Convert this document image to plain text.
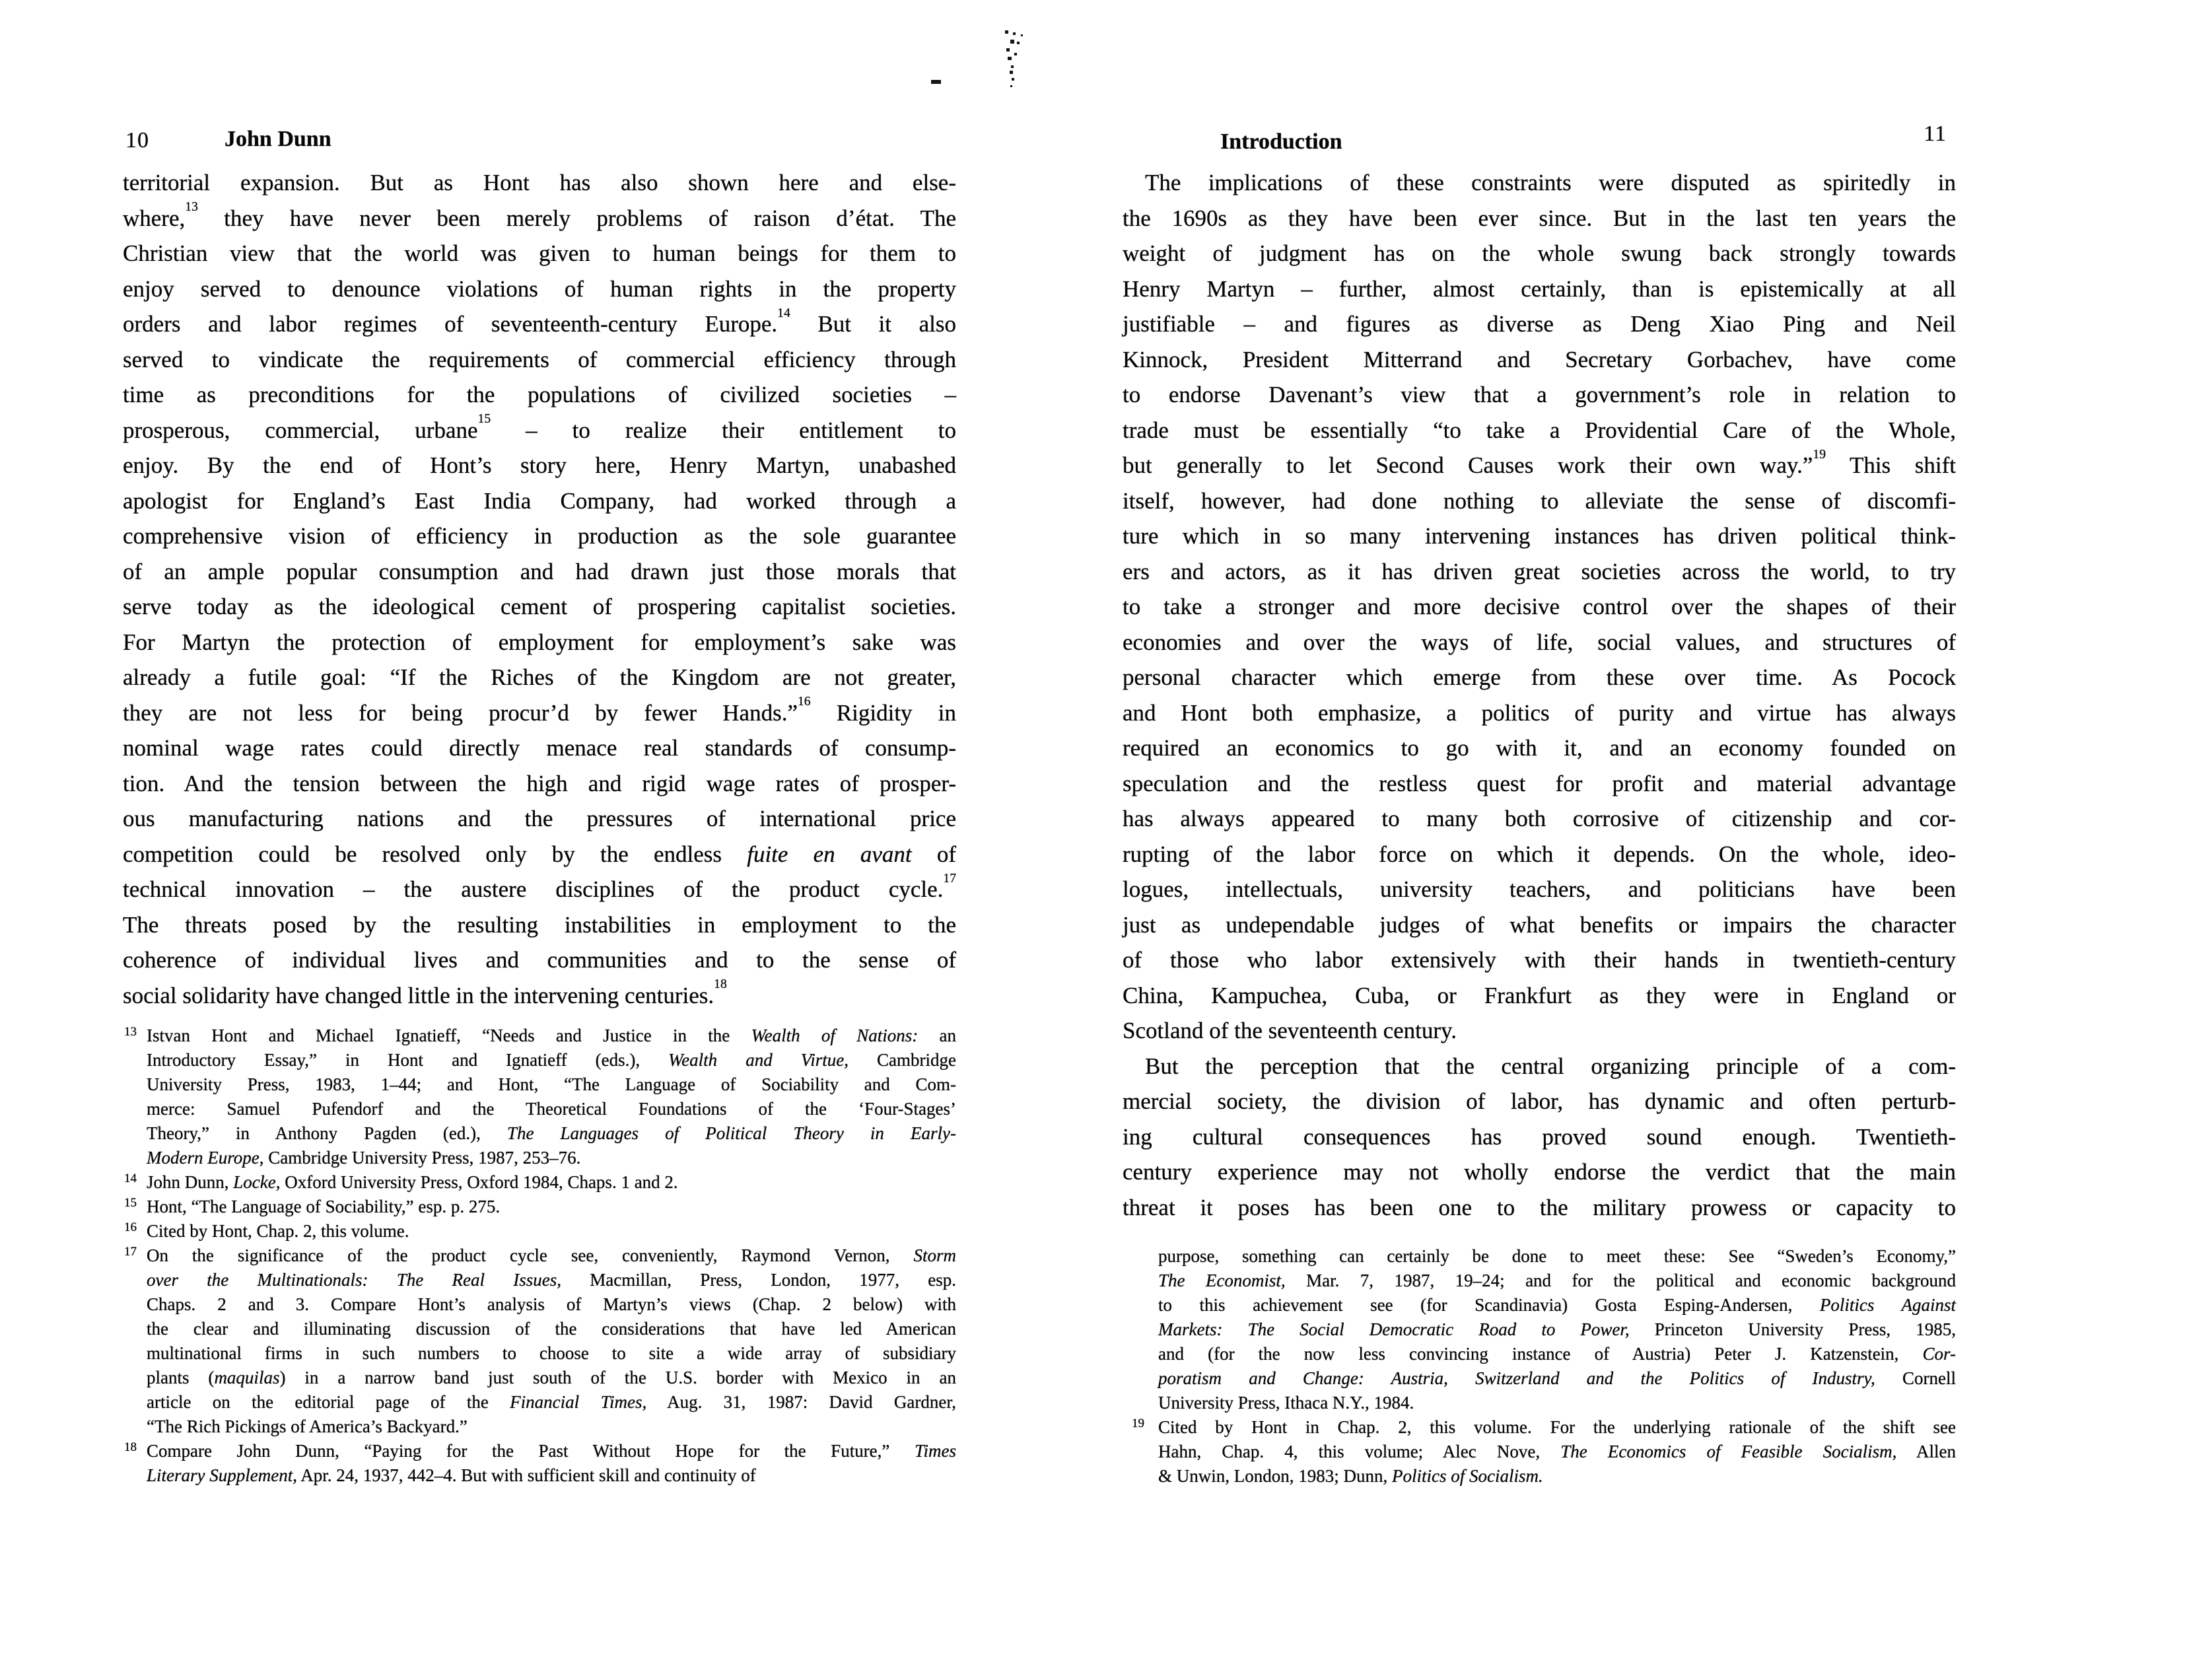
10	John Dunn
territorial expansion. But as Hont has also shown here and else-
where,$^{13}$ they have never been merely problems of raison d’état. The
Christian view that the world was given to human beings for them to
enjoy served to denounce violations of human rights in the property
orders and labor regimes of seventeenth-century Europe.$^{14}$ But it also
served to vindicate the requirements of commercial efficiency through
time as preconditions for the populations of civilized societies –
prosperous, commercial, urbane$^{15}$ – to realize their entitlement to
enjoy. By the end of Hont’s story here, Henry Martyn, unabashed
apologist for England’s East India Company, had worked through a
comprehensive vision of efficiency in production as the sole guarantee
of an ample popular consumption and had drawn just those morals that
serve today as the ideological cement of prospering capitalist societies.
For Martyn the protection of employment for employment’s sake was
already a futile goal: “If the Riches of the Kingdom are not greater,
they are not less for being procur’d by fewer Hands.”$^{16}$ Rigidity in
nominal wage rates could directly menace real standards of consump-
tion. And the tension between the high and rigid wage rates of prosper-
ous manufacturing nations and the pressures of international price
competition could be resolved only by the endless fuite en avant of
technical innovation – the austere disciplines of the product cycle.$^{17}$
The threats posed by the resulting instabilities in employment to the
coherence of individual lives and communities and to the sense of
social solidarity have changed little in the intervening centuries.$^{18}$
13 Istvan Hont and Michael Ignatieff, “Needs and Justice in the Wealth of Nations: an
Introductory Essay,” in Hont and Ignatieff (eds.), Wealth and Virtue, Cambridge
University Press, 1983, 1–44; and Hont, “The Language of Sociability and Com-
merce: Samuel Pufendorf and the Theoretical Foundations of the ‘Four-Stages’
Theory,” in Anthony Pagden (ed.), The Languages of Political Theory in Early-
Modern Europe, Cambridge University Press, 1987, 253–76.
14 John Dunn, Locke, Oxford University Press, Oxford 1984, Chaps. 1 and 2.
15 Hont, “The Language of Sociability,” esp. p. 275.
16 Cited by Hont, Chap. 2, this volume.
17 On the significance of the product cycle see, conveniently, Raymond Vernon, Storm
over the Multinationals: The Real Issues, Macmillan, Press, London, 1977, esp.
Chaps. 2 and 3. Compare Hont’s analysis of Martyn’s views (Chap. 2 below) with
the clear and illuminating discussion of the considerations that have led American
multinational firms in such numbers to choose to site a wide array of subsidiary
plants (maquilas) in a narrow band just south of the U.S. border with Mexico in an
article on the editorial page of the Financial Times, Aug. 31, 1987: David Gardner,
“The Rich Pickings of America’s Backyard.”
18 Compare John Dunn, “Paying for the Past Without Hope for the Future,” Times
Literary Supplement, Apr. 24, 1937, 442–4. But with sufficient skill and continuity of
Introduction	11
The implications of these constraints were disputed as spiritedly in
the 1690s as they have been ever since. But in the last ten years the
weight of judgment has on the whole swung back strongly towards
Henry Martyn – further, almost certainly, than is epistemically at all
justifiable – and figures as diverse as Deng Xiao Ping and Neil
Kinnock, President Mitterrand and Secretary Gorbachev, have come
to endorse Davenant’s view that a government’s role in relation to
trade must be essentially “to take a Providential Care of the Whole,
but generally to let Second Causes work their own way.”$^{19}$ This shift
itself, however, had done nothing to alleviate the sense of discomfi-
ture which in so many intervening instances has driven political think-
ers and actors, as it has driven great societies across the world, to try
to take a stronger and more decisive control over the shapes of their
economies and over the ways of life, social values, and structures of
personal character which emerge from these over time. As Pocock
and Hont both emphasize, a politics of purity and virtue has always
required an economics to go with it, and an economy founded on
speculation and the restless quest for profit and material advantage
has always appeared to many both corrosive of citizenship and cor-
rupting of the labor force on which it depends. On the whole, ideo-
logues, intellectuals, university teachers, and politicians have been
just as undependable judges of what benefits or impairs the character
of those who labor extensively with their hands in twentieth-century
China, Kampuchea, Cuba, or Frankfurt as they were in England or
Scotland of the seventeenth century.
But the perception that the central organizing principle of a com-
mercial society, the division of labor, has dynamic and often perturb-
ing cultural consequences has proved sound enough. Twentieth-
century experience may not wholly endorse the verdict that the main
threat it poses has been one to the military prowess or capacity to
purpose, something can certainly be done to meet these: See “Sweden’s Economy,”
The Economist, Mar. 7, 1987, 19–24; and for the political and economic background
to this achievement see (for Scandinavia) Gosta Esping-Andersen, Politics Against
Markets: The Social Democratic Road to Power, Princeton University Press, 1985,
and (for the now less convincing instance of Austria) Peter J. Katzenstein, Cor-
poratism and Change: Austria, Switzerland and the Politics of Industry, Cornell
University Press, Ithaca N.Y., 1984.
19 Cited by Hont in Chap. 2, this volume. For the underlying rationale of the shift see
Hahn, Chap. 4, this volume; Alec Nove, The Economics of Feasible Socialism, Allen
& Unwin, London, 1983; Dunn, Politics of Socialism.
